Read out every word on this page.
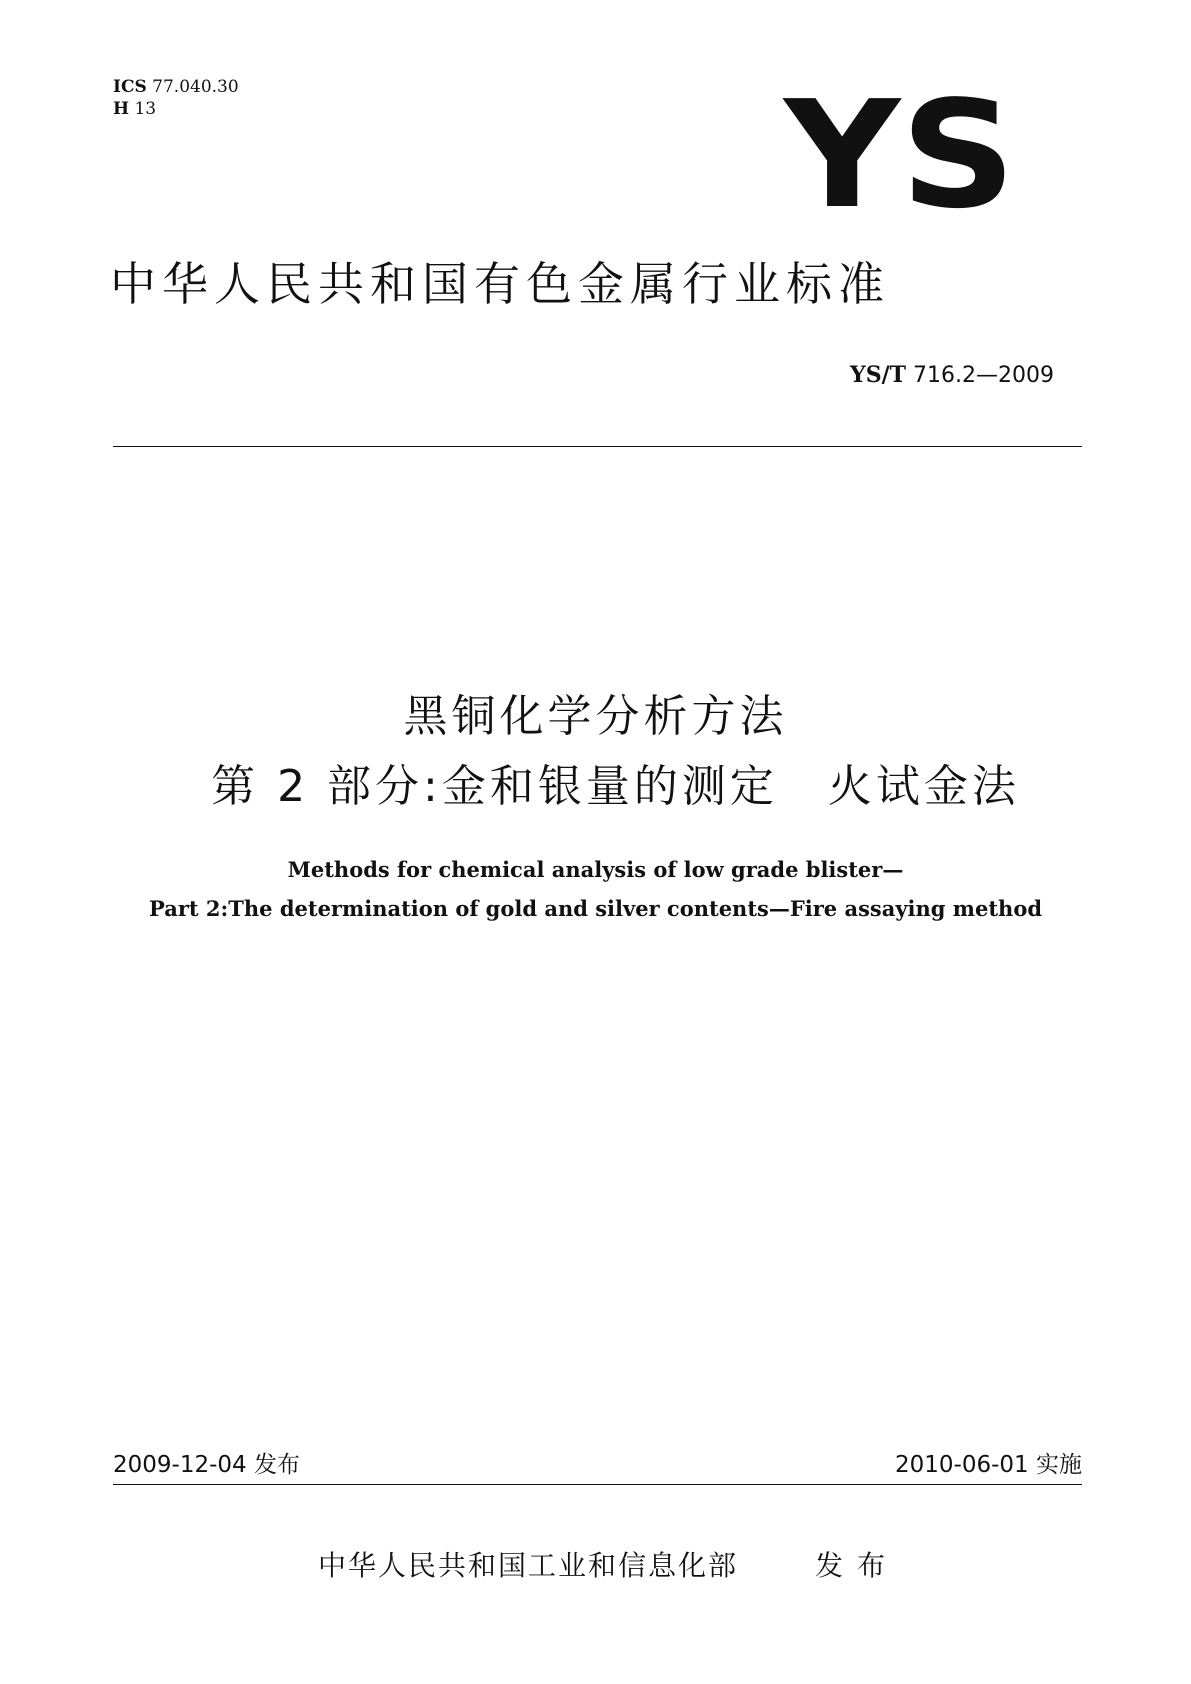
ICS 77.040.30
H 13	YS
中华人民共和国有色金属行业标准
YS/T 716.2—2009
黑铜化学分析方法
第 2 部分:金和银量的测定 火试金法
Methods for chemical analysis of low grade blister—
Part 2:The determination of gold and silver contents—Fire assaying method
2009-12-04 发布	2010-06-01 实施
中华人民共和国工业和信息化部	发布
